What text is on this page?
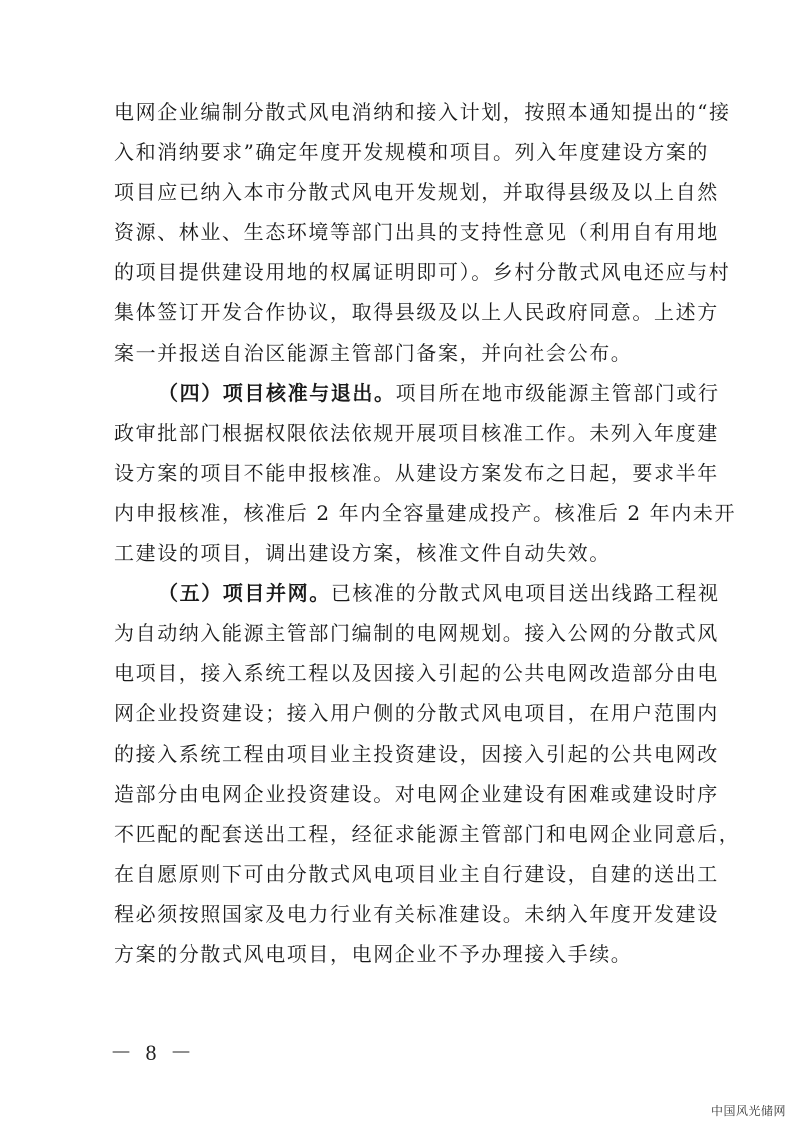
电网企业编制分散式风电消纳和接入计划，按照本通知提出的“接
入和消纳要求”确定年度开发规模和项目。列入年度建设方案的
项目应已纳入本市分散式风电开发规划，并取得县级及以上自然
资源、林业、生态环境等部门出具的支持性意见（利用自有用地
的项目提供建设用地的权属证明即可）。乡村分散式风电还应与村
集体签订开发合作协议，取得县级及以上人民政府同意。上述方
案一并报送自治区能源主管部门备案，并向社会公布。
（四）项目核准与退出。项目所在地市级能源主管部门或行
政审批部门根据权限依法依规开展项目核准工作。未列入年度建
设方案的项目不能申报核准。从建设方案发布之日起，要求半年
内申报核准，核准后 2 年内全容量建成投产。核准后 2 年内未开
工建设的项目，调出建设方案，核准文件自动失效。
（五）项目并网。已核准的分散式风电项目送出线路工程视
为自动纳入能源主管部门编制的电网规划。接入公网的分散式风
电项目，接入系统工程以及因接入引起的公共电网改造部分由电
网企业投资建设；接入用户侧的分散式风电项目，在用户范围内
的接入系统工程由项目业主投资建设，因接入引起的公共电网改
造部分由电网企业投资建设。对电网企业建设有困难或建设时序
不匹配的配套送出工程，经征求能源主管部门和电网企业同意后，
在自愿原则下可由分散式风电项目业主自行建设，自建的送出工
程必须按照国家及电力行业有关标准建设。未纳入年度开发建设
方案的分散式风电项目，电网企业不予办理接入手续。
－ 8 －
中国风光储网
